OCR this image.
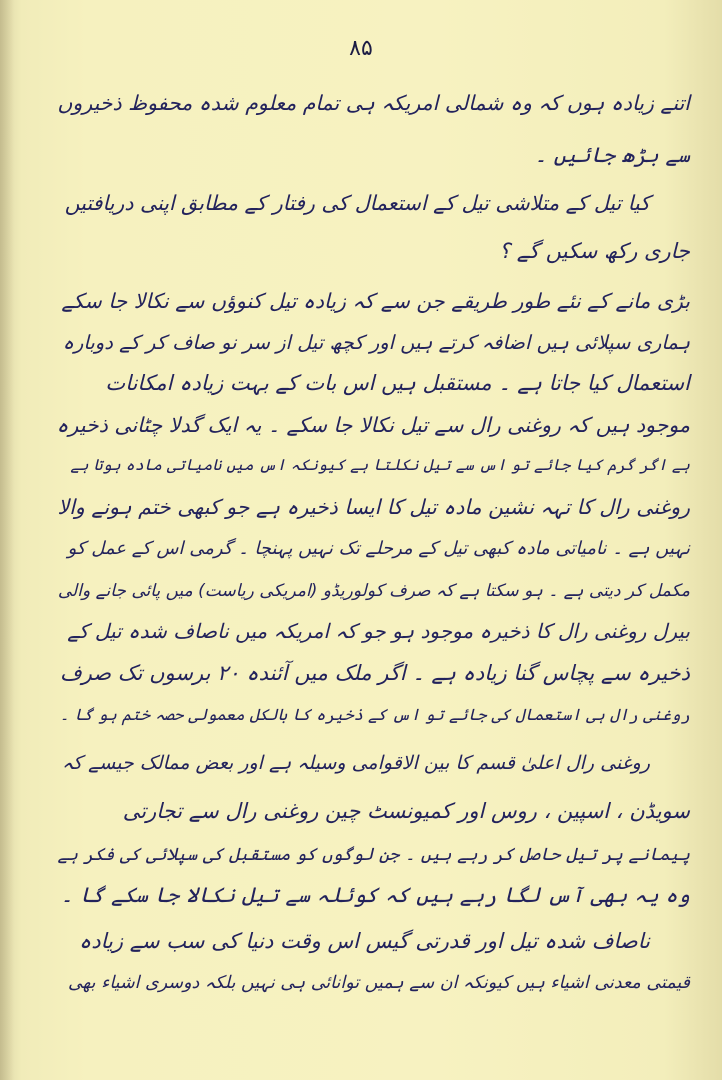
۸۵
اتنے زیادہ ہوں کہ وہ شمالی امریکہ ہی تمام معلوم شدہ محفوظ ذخیروں
سے بڑھ جائیں ۔
کیا تیل کے متلاشی تیل کے استعمال کی رفتار کے مطابق اپنی دریافتیں
جاری رکھ سکیں گے ؟
بڑی مانے کے نئے طور طریقے جن سے کہ زیادہ تیل کنوؤں سے نکالا جا سکے
ہماری سپلائی ہیں اضافہ کرتے ہیں اور کچھ تیل از سر نو صاف کر کے دوبارہ
استعمال کیا جاتا ہے ۔ مستقبل ہیں اس بات کے بہت زیادہ امکانات
موجود ہیں کہ روغنی رال سے تیل نکالا جا سکے ۔ یہ ایک گدلا چٹانی ذخیرہ
ہے اگر گرم کیا جائے تو اس سے تیل نکلتا ہے کیونکہ اس میں نامیاتی مادہ ہوتا ہے
روغنی رال کا تہہ نشین مادہ تیل کا ایسا ذخیرہ ہے جو کبھی ختم ہونے والا
نہیں ہے ۔ نامیاتی مادہ کبھی تیل کے مرحلے تک نہیں پہنچا ۔ گرمی اس کے عمل کو
مکمل کر دیتی ہے ۔ ہو سکتا ہے کہ صرف کولوریڈو (امریکی ریاست) میں پائی جانے والی
بیرل روغنی رال کا ذخیرہ موجود ہو جو کہ امریکہ میں ناصاف شدہ تیل کے
ذخیرہ سے پچاس گنا زیادہ ہے ۔ اگر ملک میں آئندہ ۲۰ برسوں تک صرف
روغنی رال ہی استعمال کی جائے تو اس کے ذخیرہ کا بالکل معمولی حصہ ختم ہو گا ۔
روغنی رال اعلیٰ قسم کا بین الاقوامی وسیلہ ہے اور بعض ممالک جیسے کہ
سویڈن ، اسپین ، روس اور کمیونسٹ چین روغنی رال سے تجارتی
پیمانے پر تیل حاصل کر رہے ہیں ۔ جن لوگوں کو مستقبل کی سپلائی کی فکر ہے
وہ یہ بھی آس لگا رہے ہیں کہ کوئلہ سے تیل نکالا جا سکے گا ۔
ناصاف شدہ تیل اور قدرتی گیس اس وقت دنیا کی سب سے زیادہ
قیمتی معدنی اشیاء ہیں کیونکہ ان سے ہمیں توانائی ہی نہیں بلکہ دوسری اشیاء بھی
